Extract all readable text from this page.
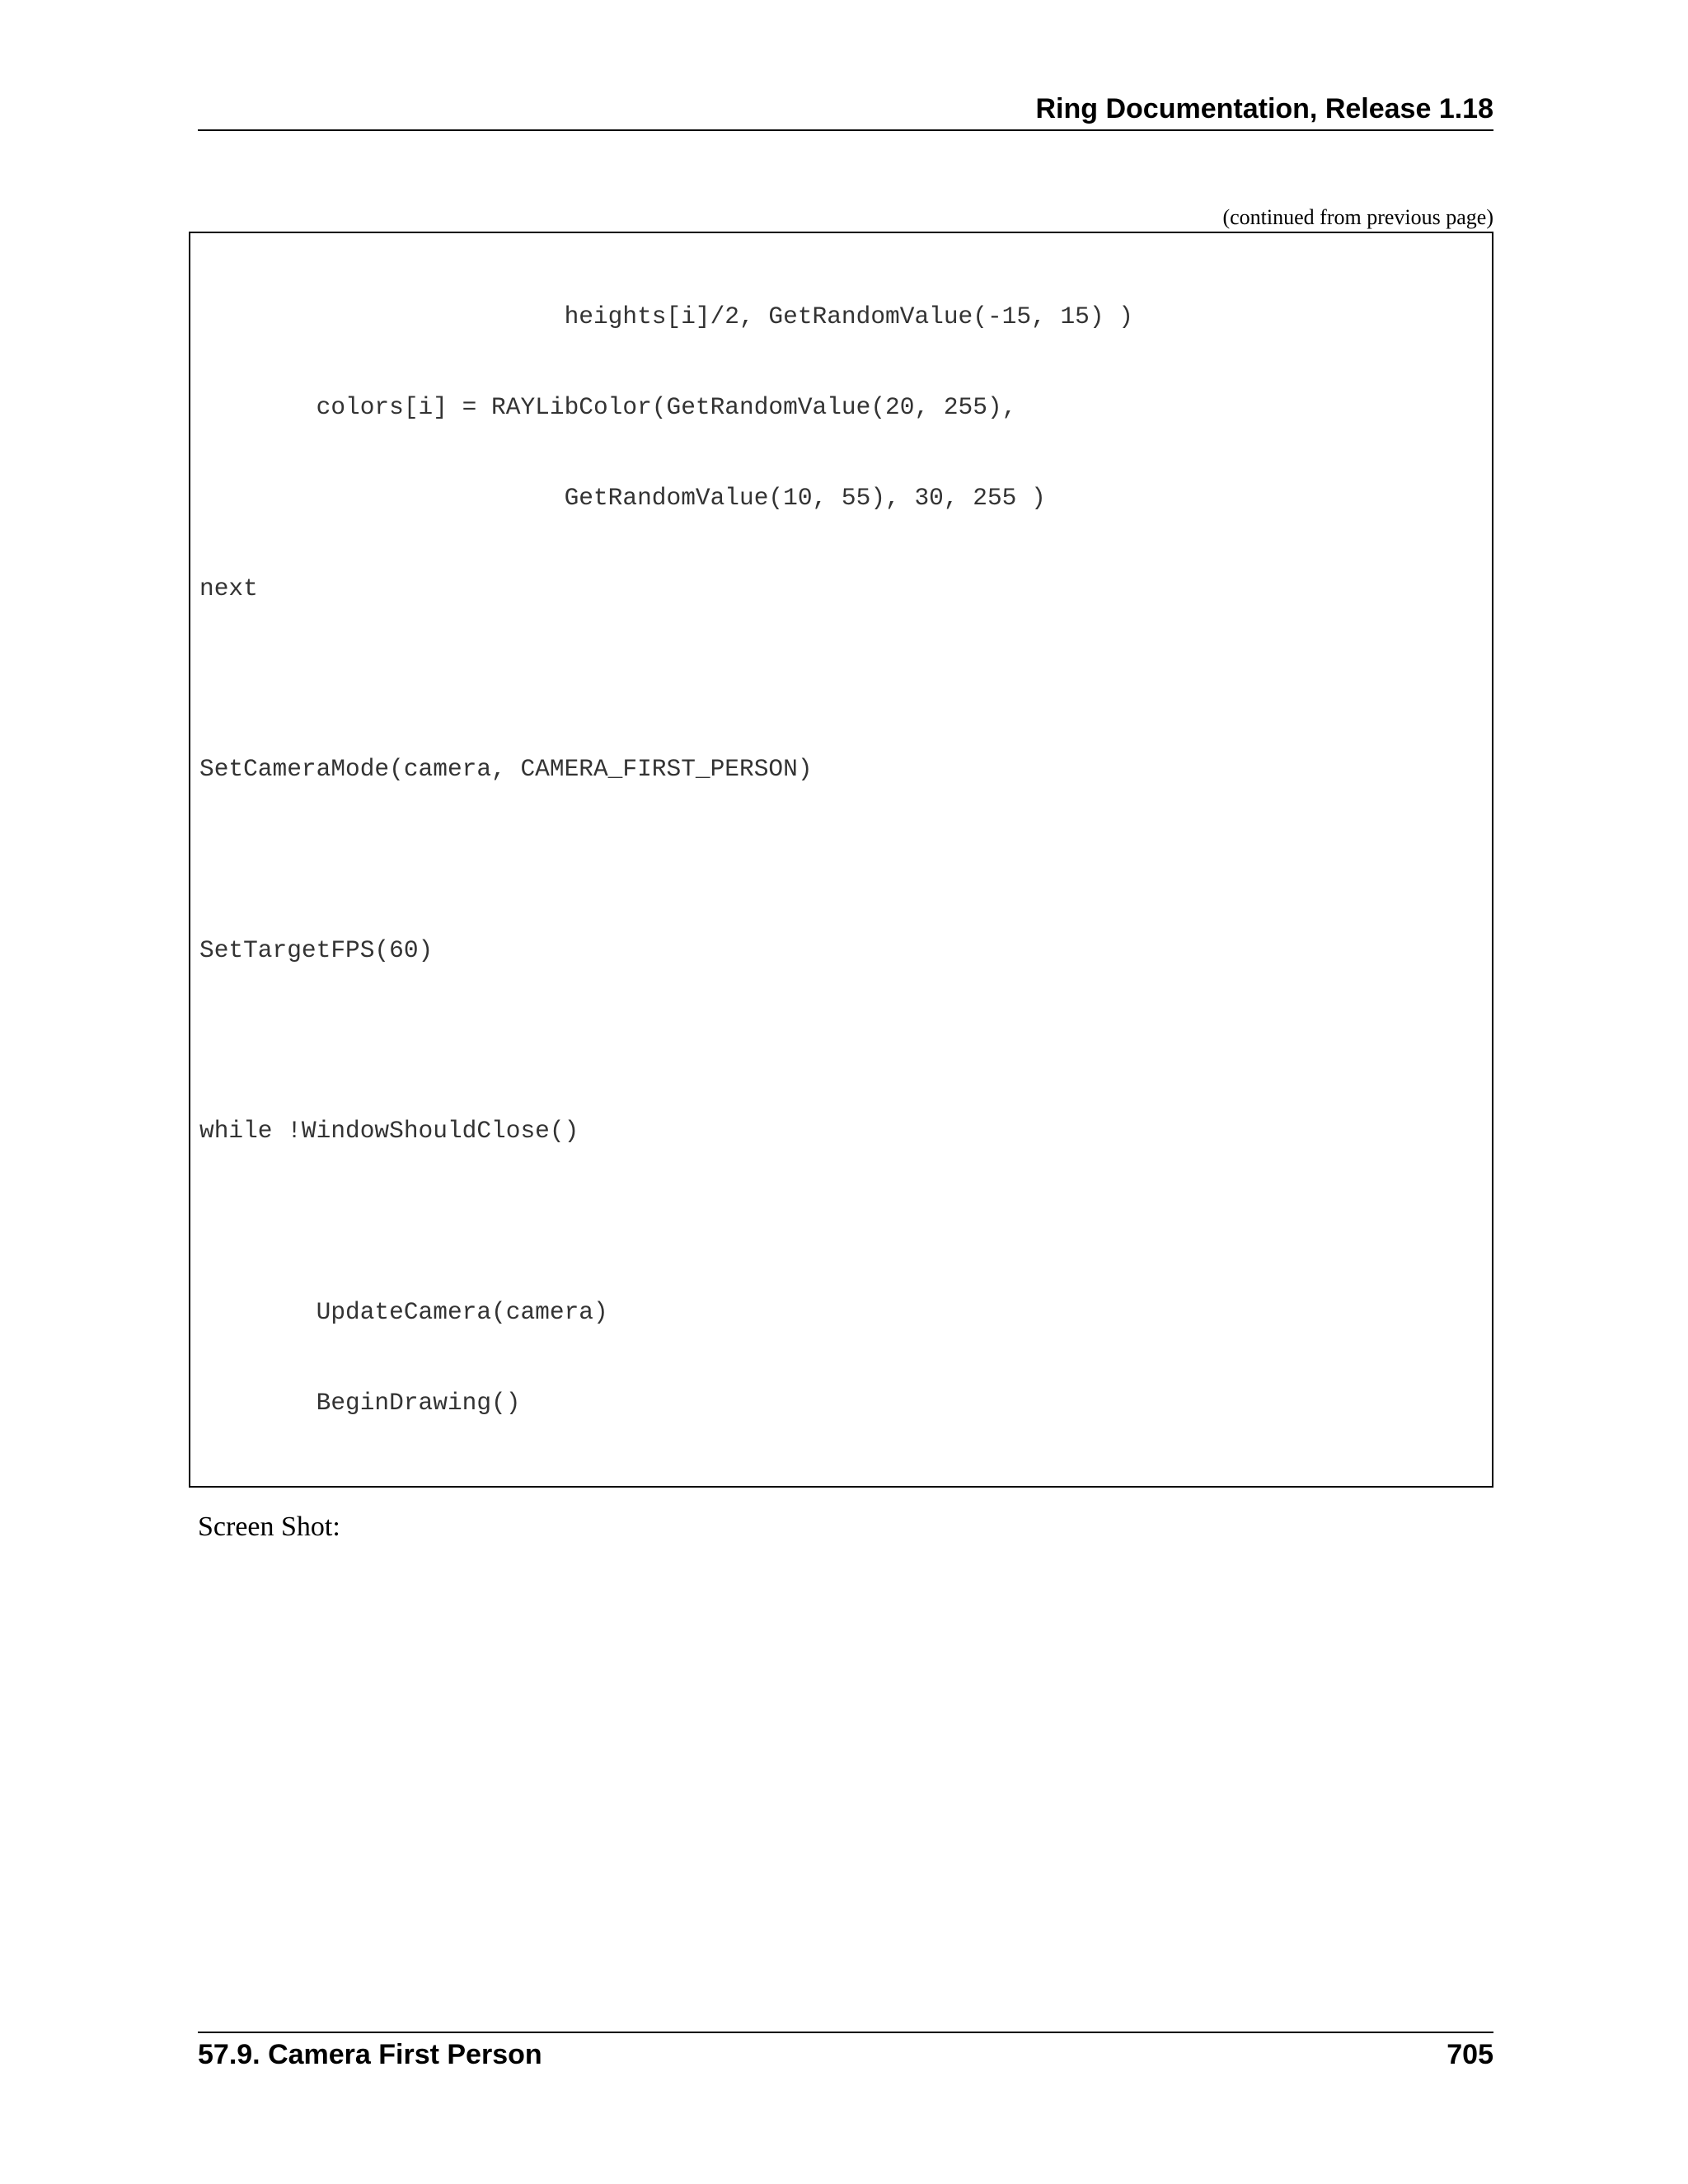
Ring Documentation, Release 1.18
(continued from previous page)

heights[i]/2, GetRandomValue(-15, 15) )

colors[i] = RAYLibColor(GetRandomValue(20, 255),

GetRandomValue(10, 55), 30, 255 )

next

SetCameraMode(camera, CAMERA_FIRST_PERSON)

SetTargetFPS(60)

while !WindowShouldClose()

UpdateCamera(camera)

BeginDrawing()

Screen Shot:
57.9. Camera First Person	705
